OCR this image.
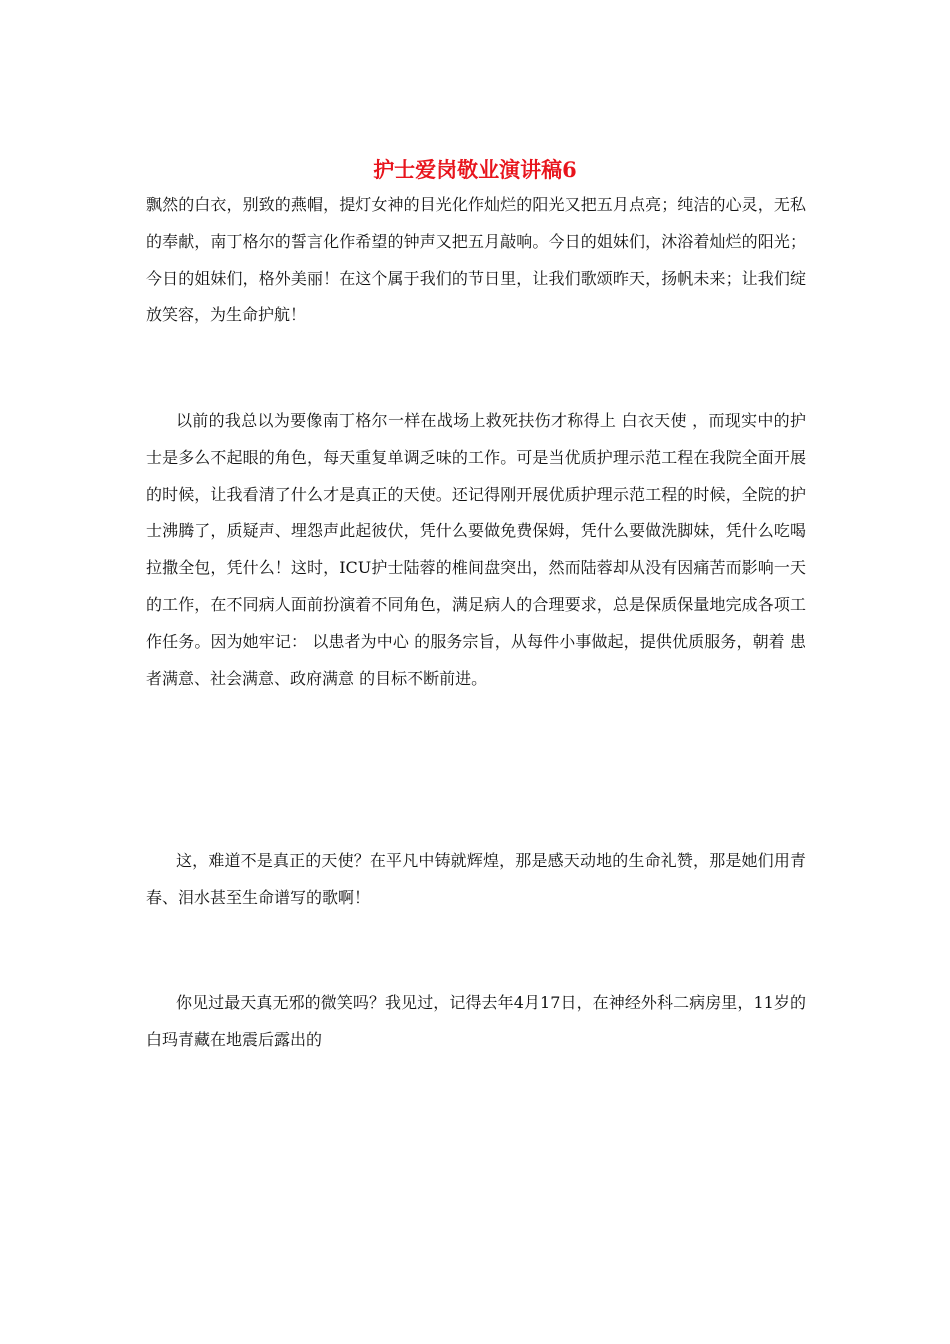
护士爱岗敬业演讲稿6

飘然的白衣，别致的燕帽，提灯女神的目光化作灿烂的阳光又把五月点亮；纯洁的心灵，无私的奉献，南丁格尔的誓言化作希望的钟声又把五月敲响。今日的姐妹们，沐浴着灿烂的阳光；今日的姐妹们，格外美丽！在这个属于我们的节日里，让我们歌颂昨天，扬帆未来；让我们绽放笑容，为生命护航！

以前的我总以为要像南丁格尔一样在战场上救死扶伤才称得上 白衣天使 ，而现实中的护士是多么不起眼的角色，每天重复单调乏味的工作。可是当优质护理示范工程在我院全面开展的时候，让我看清了什么才是真正的天使。还记得刚开展优质护理示范工程的时候，全院的护士沸腾了，质疑声、埋怨声此起彼伏，凭什么要做免费保姆，凭什么要做洗脚妹，凭什么吃喝拉撒全包，凭什么！这时，ICU护士陆蓉的椎间盘突出，然而陆蓉却从没有因痛苦而影响一天的工作，在不同病人面前扮演着不同角色，满足病人的合理要求，总是保质保量地完成各项工作任务。因为她牢记： 以患者为中心 的服务宗旨，从每件小事做起，提供优质服务，朝着 患者满意、社会满意、政府满意 的目标不断前进。

这，难道不是真正的天使？在平凡中铸就辉煌，那是感天动地的生命礼赞，那是她们用青春、泪水甚至生命谱写的歌啊！

你见过最天真无邪的微笑吗？我见过，记得去年4月17日，在神经外科二病房里，11岁的白玛青藏在地震后露出的
